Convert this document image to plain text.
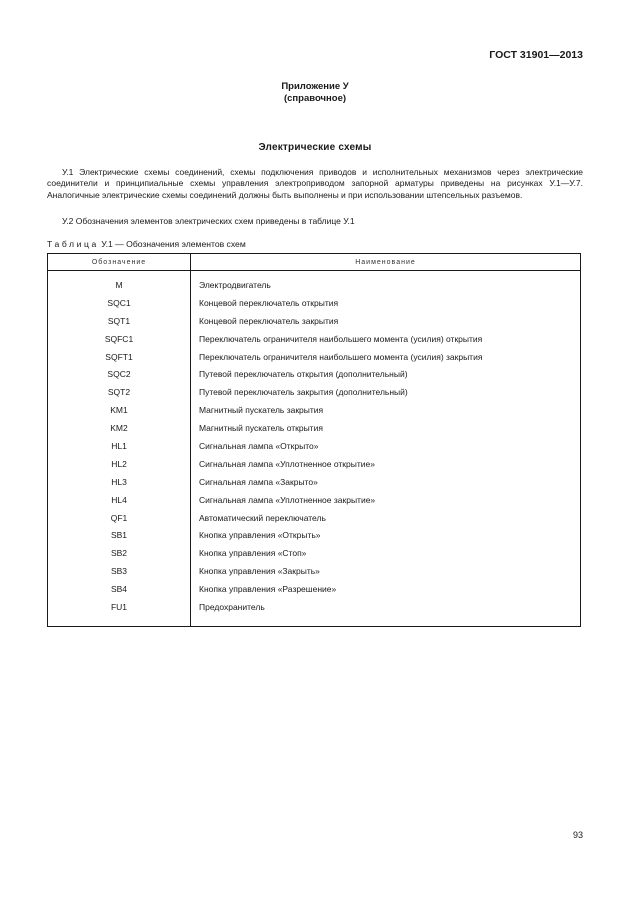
ГОСТ 31901—2013
Приложение У
(справочное)
Электрические схемы
У.1 Электрические схемы соединений, схемы подключения приводов и исполнительных механизмов через электрические соединители и принципиальные схемы управления электроприводом запорной арматуры приведены на рисунках У.1—У.7. Аналогичные электрические схемы соединений должны быть выполнены и при использовании штепсельных разъемов.
У.2 Обозначения элементов электрических схем приведены в таблице У.1
Таблица У.1 — Обозначения элементов схем
Обозначение	Наименование
M	Электродвигатель
SQC1	Концевой переключатель открытия
SQT1	Концевой переключатель закрытия
SQFC1	Переключатель ограничителя наибольшего момента (усилия) открытия
SQFT1	Переключатель ограничителя наибольшего момента (усилия) закрытия
SQC2	Путевой переключатель открытия (дополнительный)
SQT2	Путевой переключатель закрытия (дополнительный)
KM1	Магнитный пускатель закрытия
KM2	Магнитный пускатель открытия
HL1	Сигнальная лампа «Открыто»
HL2	Сигнальная лампа «Уплотненное открытие»
HL3	Сигнальная лампа «Закрыто»
HL4	Сигнальная лампа «Уплотненное закрытие»
QF1	Автоматический переключатель
SB1	Кнопка управления «Открыть»
SB2	Кнопка управления «Стоп»
SB3	Кнопка управления «Закрыть»
SB4	Кнопка управления «Разрешение»
FU1	Предохранитель
93
